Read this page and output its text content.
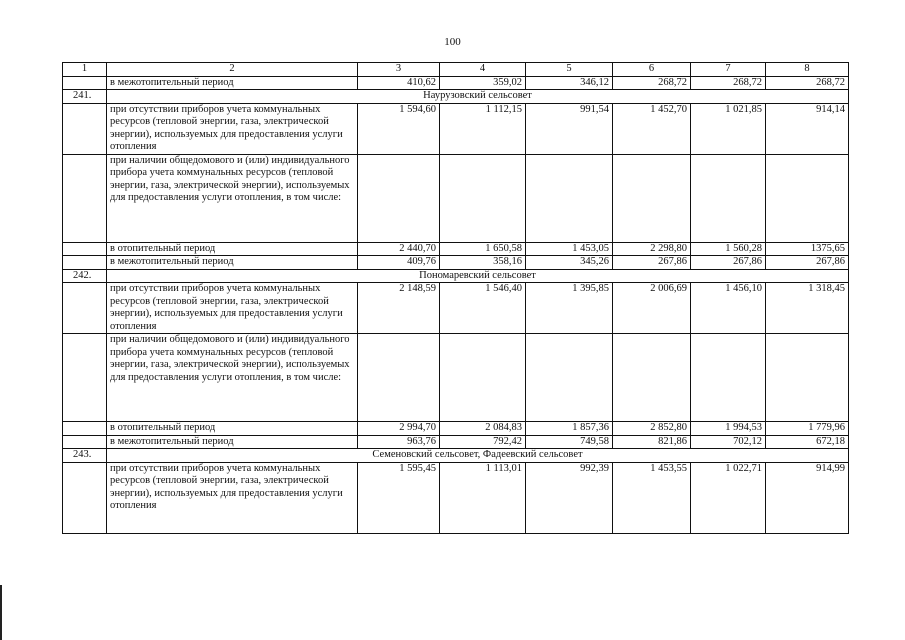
100
1	2	3	4	5	6	7	8
	в межотопительный период	410,62	359,02	346,12	268,72	268,72	268,72
241.	Наурузовский сельсовет						
	при отсутствии приборов учета коммунальных ресурсов (тепловой энергии, газа, электрической энергии), используемых для предоставления услуги отопления	1 594,60	1 112,15	991,54	1 452,70	1 021,85	914,14
	при наличии общедомового и (или) индивидуального прибора учета коммунальных ресурсов (тепловой энергии, газа, электрической энергии), используемых для предоставления услуги отопления, в том числе:						
	в отопительный период	2 440,70	1 650,58	1 453,05	2 298,80	1 560,28	1375,65
	в межотопительный период	409,76	358,16	345,26	267,86	267,86	267,86
242.	Пономаревский сельсовет						
	при отсутствии приборов учета коммунальных ресурсов (тепловой энергии, газа, электрической энергии), используемых для предоставления услуги отопления	2 148,59	1 546,40	1 395,85	2 006,69	1 456,10	1 318,45
	при наличии общедомового и (или) индивидуального прибора учета коммунальных ресурсов (тепловой энергии, газа, электрической энергии), используемых для предоставления услуги отопления, в том числе:						
	в отопительный период	2 994,70	2 084,83	1 857,36	2 852,80	1 994,53	1 779,96
	в межотопительный период	963,76	792,42	749,58	821,86	702,12	672,18
243.	Семеновский сельсовет, Фадеевский сельсовет						
	при отсутствии приборов учета коммунальных ресурсов (тепловой энергии, газа, электрической энергии), используемых для предоставления услуги отопления	1 595,45	1 113,01	992,39	1 453,55	1 022,71	914,99
